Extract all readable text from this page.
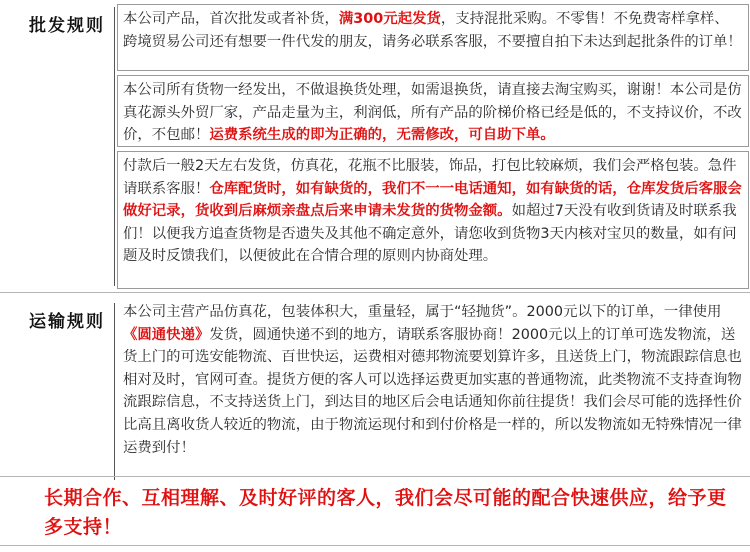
批发规则	本公司产品，首次批发或者补货，满300元起发货，支持混批采购。不零售！不免费寄样拿样、跨境贸易公司还有想要一件代发的朋友，请务必联系客服，不要擅自拍下未达到起批条件的订单！

本公司所有货物一经发出，不做退换货处理，如需退换货，请直接去淘宝购买，谢谢！本公司是仿真花源头外贸厂家，产品走量为主，利润低，所有产品的阶梯价格已经是低的，不支持议价，不改价，不包邮！运费系统生成的即为正确的，无需修改，可自助下单。

付款后一般2天左右发货，仿真花，花瓶不比服装，饰品，打包比较麻烦，我们会严格包装。急件请联系客服！仓库配货时，如有缺货的，我们不一一电话通知，如有缺货的话，仓库发货后客服会做好记录，货收到后麻烦亲盘点后来申请未发货的货物金额。如超过7天没有收到货请及时联系我们！以便我方追查货物是否遗失及其他不确定意外，请您收到货物3天内核对宝贝的数量，如有问题及时反馈我们，以便彼此在合情合理的原则内协商处理。

运输规则	本公司主营产品仿真花，包装体积大，重量轻，属于“轻抛货”。2000元以下的订单，一律使用《圆通快递》发货，圆通快递不到的地方，请联系客服协商！2000元以上的订单可选发物流，送货上门的可选安能物流、百世快运，运费相对德邦物流要划算许多，且送货上门，物流跟踪信息也相对及时，官网可查。提货方便的客人可以选择运费更加实惠的普通物流，此类物流不支持查询物流跟踪信息，不支持送货上门，到达目的地区后会电话通知你前往提货！我们会尽可能的选择性价比高且离收货人较近的物流，由于物流运现付和到付价格是一样的，所以发物流如无特殊情况一律运费到付！

长期合作、互相理解、及时好评的客人，我们会尽可能的配合快速供应，给予更多支持！
